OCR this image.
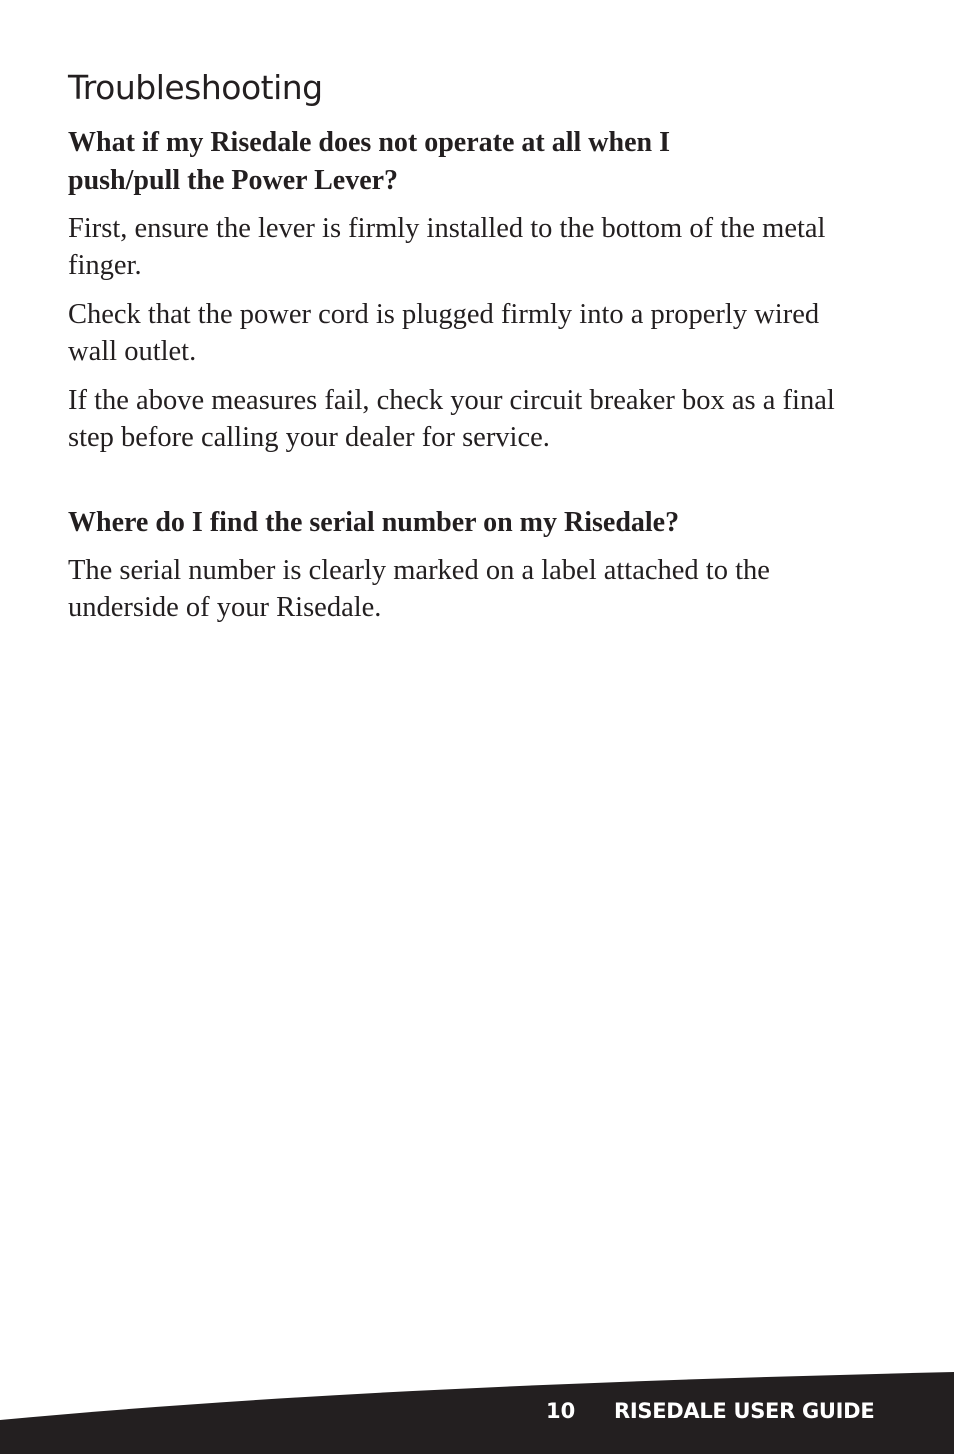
Troubleshooting

What if my Risedale does not operate at all when I
push/pull the Power Lever?

First, ensure the lever is firmly installed to the bottom of the metal finger.

Check that the power cord is plugged firmly into a properly wired wall outlet.

If the above measures fail, check your circuit breaker box as a final step before calling your dealer for service.

Where do I find the serial number on my Risedale?

The serial number is clearly marked on a label attached to the underside of your Risedale.

10 RISEDALE USER GUIDE
